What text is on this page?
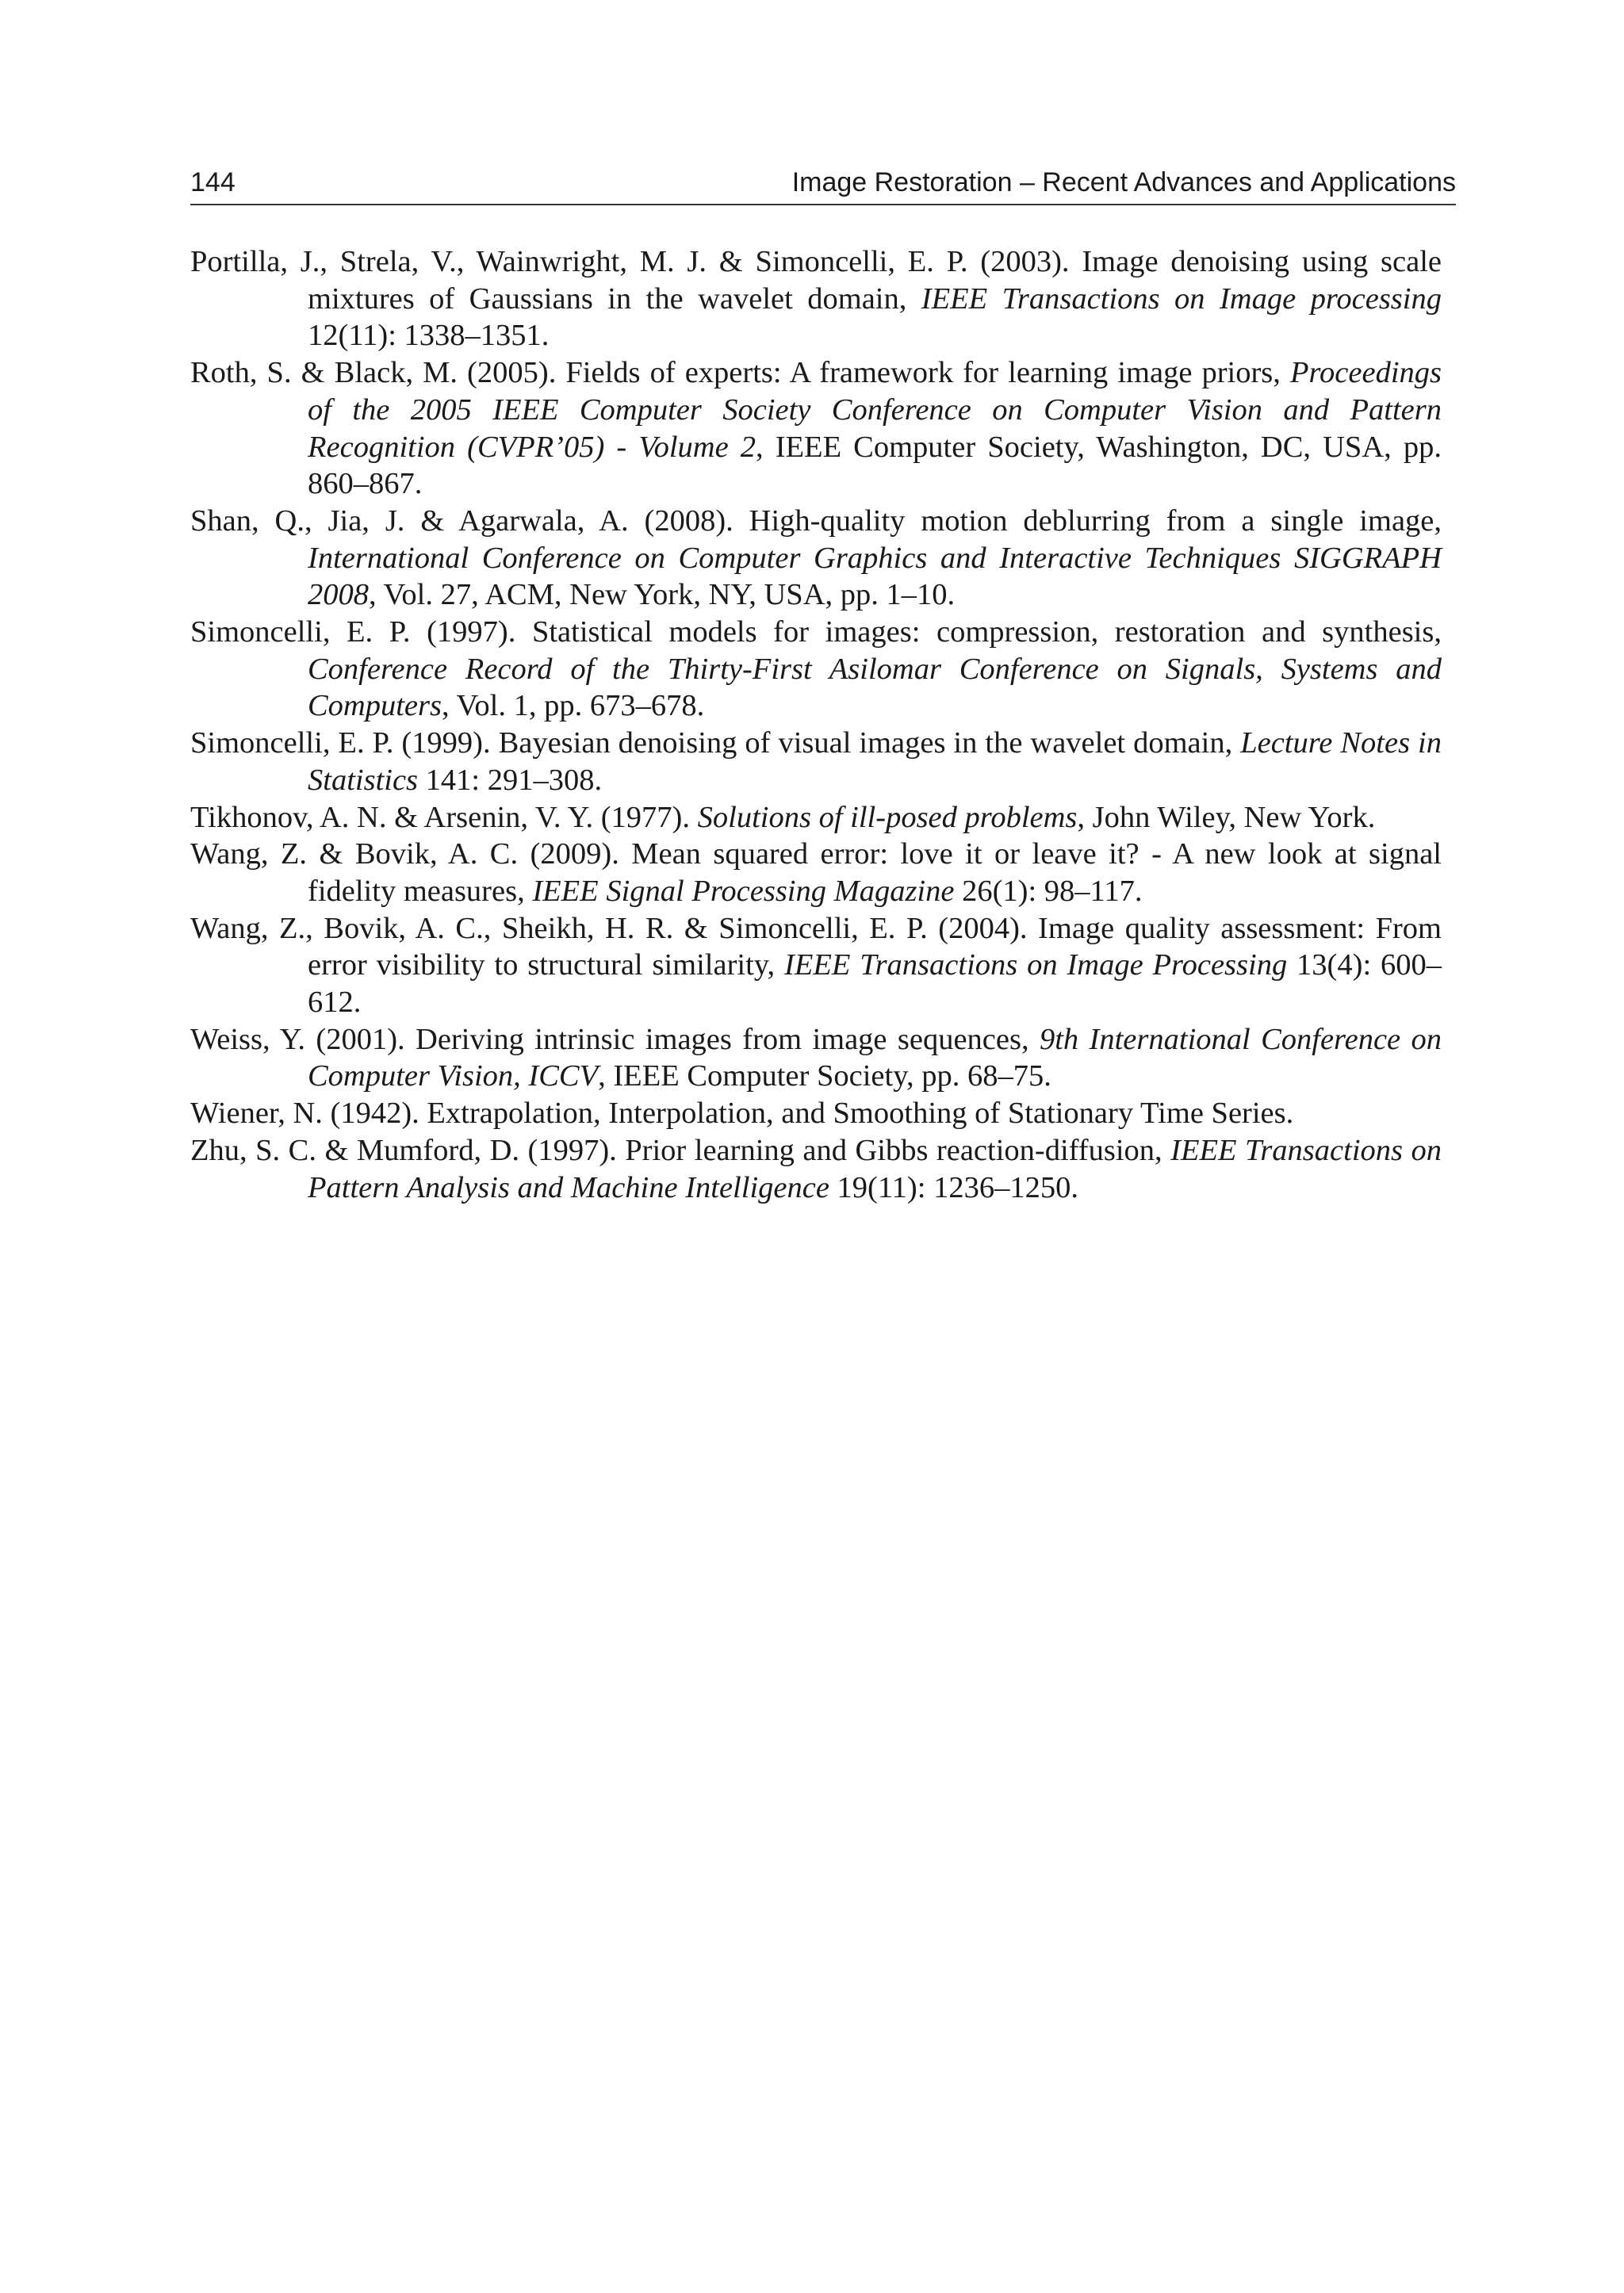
144	Image Restoration – Recent Advances and Applications

Portilla, J., Strela, V., Wainwright, M. J. & Simoncelli, E. P. (2003). Image denoising using scale mixtures of Gaussians in the wavelet domain, IEEE Transactions on Image processing 12(11): 1338–1351.

Roth, S. & Black, M. (2005). Fields of experts: A framework for learning image priors, Proceedings of the 2005 IEEE Computer Society Conference on Computer Vision and Pattern Recognition (CVPR’05) - Volume 2, IEEE Computer Society, Washington, DC, USA, pp. 860–867.

Shan, Q., Jia, J. & Agarwala, A. (2008). High-quality motion deblurring from a single image, International Conference on Computer Graphics and Interactive Techniques SIGGRAPH 2008, Vol. 27, ACM, New York, NY, USA, pp. 1–10.

Simoncelli, E. P. (1997). Statistical models for images: compression, restoration and synthesis, Conference Record of the Thirty-First Asilomar Conference on Signals, Systems and Computers, Vol. 1, pp. 673–678.

Simoncelli, E. P. (1999). Bayesian denoising of visual images in the wavelet domain, Lecture Notes in Statistics 141: 291–308.

Tikhonov, A. N. & Arsenin, V. Y. (1977). Solutions of ill-posed problems, John Wiley, New York.

Wang, Z. & Bovik, A. C. (2009). Mean squared error: love it or leave it? - A new look at signal fidelity measures, IEEE Signal Processing Magazine 26(1): 98–117.

Wang, Z., Bovik, A. C., Sheikh, H. R. & Simoncelli, E. P. (2004). Image quality assessment: From error visibility to structural similarity, IEEE Transactions on Image Processing 13(4): 600–612.

Weiss, Y. (2001). Deriving intrinsic images from image sequences, 9th International Conference on Computer Vision, ICCV, IEEE Computer Society, pp. 68–75.

Wiener, N. (1942). Extrapolation, Interpolation, and Smoothing of Stationary Time Series.

Zhu, S. C. & Mumford, D. (1997). Prior learning and Gibbs reaction-diffusion, IEEE Transactions on Pattern Analysis and Machine Intelligence 19(11): 1236–1250.
